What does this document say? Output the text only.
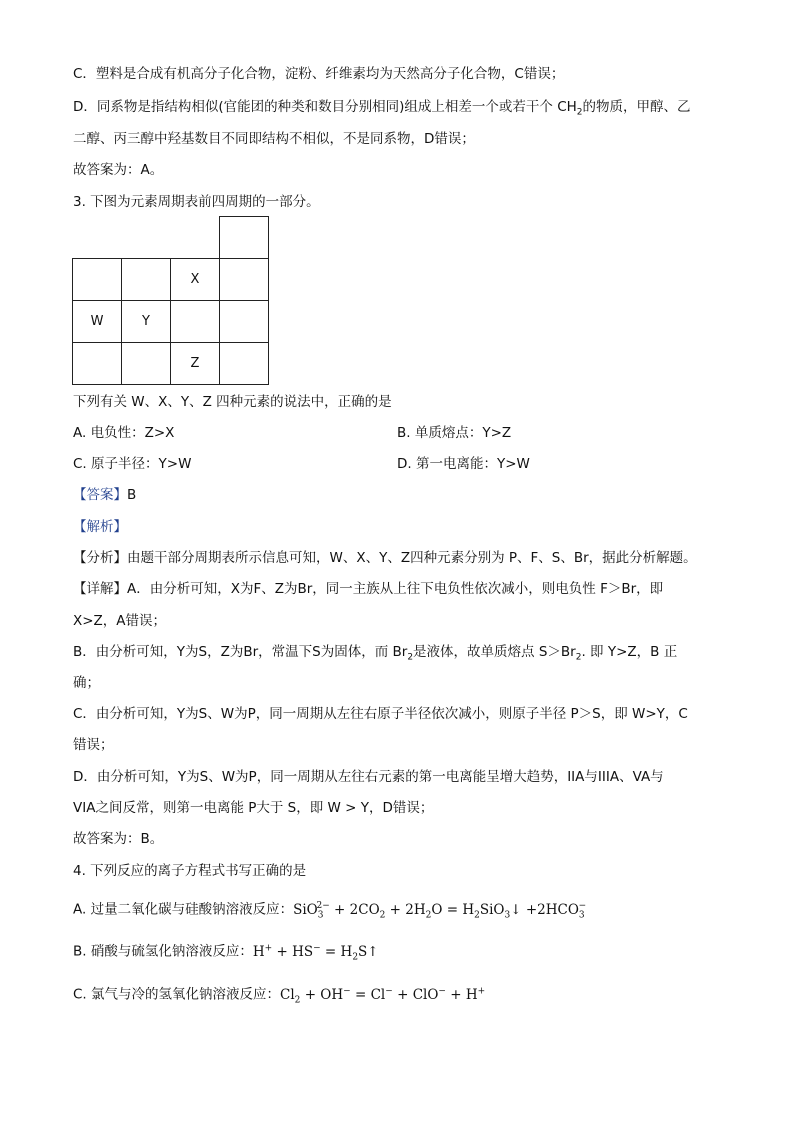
C．塑料是合成有机高分子化合物，淀粉、纤维素均为天然高分子化合物，C错误；
D．同系物是指结构相似(官能团的种类和数目分别相同)组成上相差一个或若干个 $CH_2$的物质，甲醇、乙
二醇、丙三醇中羟基数目不同即结构不相似，不是同系物，D错误；
故答案为：A。
3. 下图为元素周期表前四周期的一部分。

		X	
W	Y		
		Z	
下列有关 W、X、Y、Z 四种元素的说法中，正确的是
A. 电负性：Z>X	B. 单质熔点：Y>Z
C. 原子半径：Y>W	D. 第一电离能：Y>W
【答案】B
【解析】
【分析】由题干部分周期表所示信息可知，W、X、Y、Z四种元素分别为 P、F、S、Br，据此分析解题。
【详解】A．由分析可知，X为F、Z为Br，同一主族从上往下电负性依次减小，则电负性 F＞Br，即
X>Z，A错误；
B．由分析可知，Y为S，Z为Br，常温下S为固体，而 $Br_2$是液体，故单质熔点 $S>Br_2$. 即 Y>Z，B 正
确；
C．由分析可知，Y为S、W为P，同一周期从左往右原子半径依次减小，则原子半径 P＞S，即 W>Y，C
错误；
D．由分析可知，Y为S、W为P，同一周期从左往右元素的第一电离能呈增大趋势，IIA与IIIA、VA与
VIA之间反常，则第一电离能 P大于 S，即 W > Y，D错误；
故答案为：B。
4. 下列反应的离子方程式书写正确的是
A. 过量二氧化碳与硅酸钠溶液反应：$SiO_3^{2-} + 2CO_2 + 2H_2O$ = $H_2SiO_3↓ +2HCO_3^-$
B. 硝酸与硫氢化钠溶液反应：$H^+ + HS^- = H_2S↑$
C. 氯气与冷的氢氧化钠溶液反应：$Cl_2 + OH^- = Cl^- + ClO^- + H^+$
